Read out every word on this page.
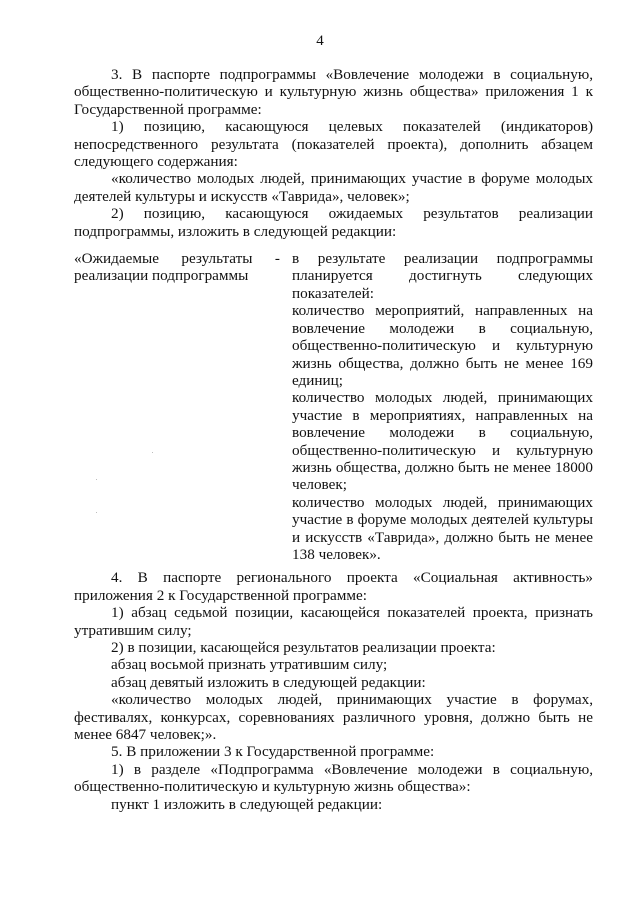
4

3. В паспорте подпрограммы «Вовлечение молодежи в социальную, общественно-политическую и культурную жизнь общества» приложения 1 к Государственной программе:

1) позицию, касающуюся целевых показателей (индикаторов) непосредственного результата (показателей проекта), дополнить абзацем следующего содержания:

«количество молодых людей, принимающих участие в форуме молодых деятелей культуры и искусств «Таврида», человек»;

2) позицию, касающуюся ожидаемых результатов реализации подпрограммы, изложить в следующей редакции:

«Ожидаемые результаты - реализации подпрограммы

в результате реализации подпрограммы планируется достигнуть следующих показателей:

количество мероприятий, направленных на вовлечение молодежи в социальную, общественно-политическую и культурную жизнь общества, должно быть не менее 169 единиц;

количество молодых людей, принимающих участие в мероприятиях, направленных на вовлечение молодежи в социальную, общественно-политическую и культурную жизнь общества, должно быть не менее 18000 человек;

количество молодых людей, принимающих участие в форуме молодых деятелей культуры и искусств «Таврида», должно быть не менее 138 человек».

4. В паспорте регионального проекта «Социальная активность» приложения 2 к Государственной программе:

1) абзац седьмой позиции, касающейся показателей проекта, признать утратившим силу;

2) в позиции, касающейся результатов реализации проекта:

абзац восьмой признать утратившим силу;

абзац девятый изложить в следующей редакции:

«количество молодых людей, принимающих участие в форумах, фестивалях, конкурсах, соревнованиях различного уровня, должно быть не менее 6847 человек;».

5. В приложении 3 к Государственной программе:

1) в разделе «Подпрограмма «Вовлечение молодежи в социальную, общественно-политическую и культурную жизнь общества»:

пункт 1 изложить в следующей редакции:
